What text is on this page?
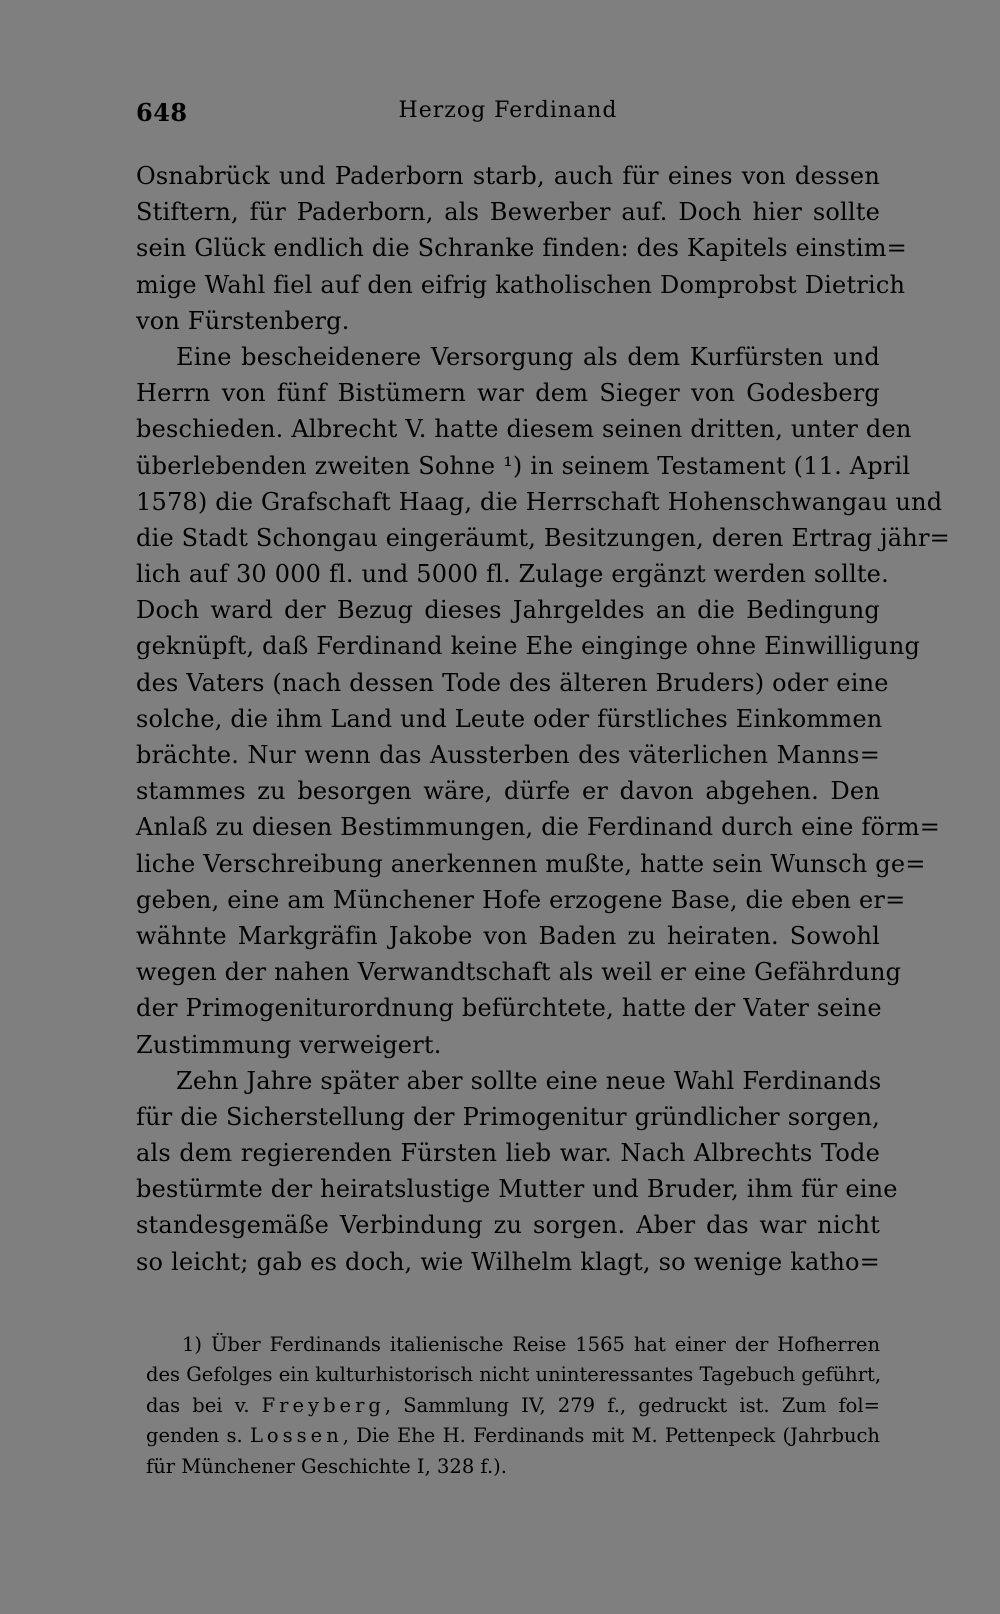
648	Herzog Ferdinand
Osnabrück und Paderborn starb, auch für eines von dessen
Stiftern, für Paderborn, als Bewerber auf. Doch hier sollte
sein Glück endlich die Schranke finden: des Kapitels einstim=
mige Wahl fiel auf den eifrig katholischen Domprobst Dietrich
von Fürstenberg.
Eine bescheidenere Versorgung als dem Kurfürsten und
Herrn von fünf Bistümern war dem Sieger von Godesberg
beschieden. Albrecht V. hatte diesem seinen dritten, unter den
überlebenden zweiten Sohne ¹) in seinem Testament (11. April
1578) die Grafschaft Haag, die Herrschaft Hohenschwangau und
die Stadt Schongau eingeräumt, Besitzungen, deren Ertrag jähr=
lich auf 30 000 fl. und 5000 fl. Zulage ergänzt werden sollte.
Doch ward der Bezug dieses Jahrgeldes an die Bedingung
geknüpft, daß Ferdinand keine Ehe einginge ohne Einwilligung
des Vaters (nach dessen Tode des älteren Bruders) oder eine
solche, die ihm Land und Leute oder fürstliches Einkommen
brächte. Nur wenn das Aussterben des väterlichen Manns=
stammes zu besorgen wäre, dürfe er davon abgehen. Den
Anlaß zu diesen Bestimmungen, die Ferdinand durch eine förm=
liche Verschreibung anerkennen mußte, hatte sein Wunsch ge=
geben, eine am Münchener Hofe erzogene Base, die eben er=
wähnte Markgräfin Jakobe von Baden zu heiraten. Sowohl
wegen der nahen Verwandtschaft als weil er eine Gefährdung
der Primogeniturordnung befürchtete, hatte der Vater seine
Zustimmung verweigert.
Zehn Jahre später aber sollte eine neue Wahl Ferdinands
für die Sicherstellung der Primogenitur gründlicher sorgen,
als dem regierenden Fürsten lieb war. Nach Albrechts Tode
bestürmte der heiratslustige Mutter und Bruder, ihm für eine
standesgemäße Verbindung zu sorgen. Aber das war nicht
so leicht; gab es doch, wie Wilhelm klagt, so wenige katho=
1) Über Ferdinands italienische Reise 1565 hat einer der Hofherren
des Gefolges ein kulturhistorisch nicht uninteressantes Tagebuch geführt,
das bei v. Freyberg, Sammlung IV, 279 f., gedruckt ist. Zum fol=
genden s. Lossen, Die Ehe H. Ferdinands mit M. Pettenpeck (Jahrbuch
für Münchener Geschichte I, 328 f.).
